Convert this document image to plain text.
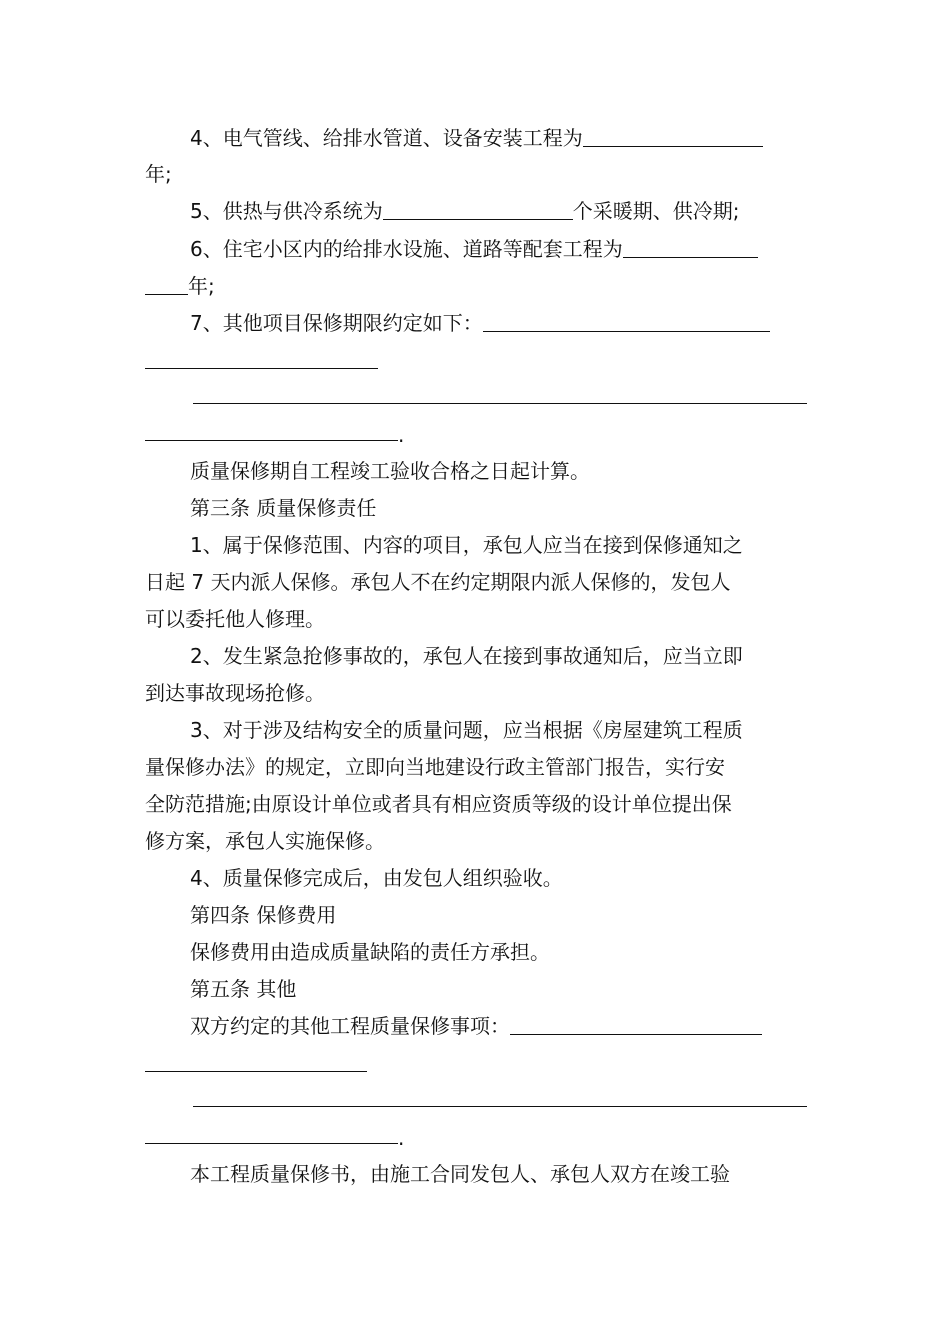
4、电气管线、给排水管道、设备安装工程为
年;
5、供热与供冷系统为	个采暖期、供冷期;
6、住宅小区内的给排水设施、道路等配套工程为
年;
7、其他项目保修期限约定如下：
.
质量保修期自工程竣工验收合格之日起计算。
第三条 质量保修责任
1、属于保修范围、内容的项目，承包人应当在接到保修通知之
日起 7 天内派人保修。承包人不在约定期限内派人保修的，发包人
可以委托他人修理。
2、发生紧急抢修事故的，承包人在接到事故通知后，应当立即
到达事故现场抢修。
3、对于涉及结构安全的质量问题，应当根据《房屋建筑工程质
量保修办法》的规定，立即向当地建设行政主管部门报告，实行安
全防范措施;由原设计单位或者具有相应资质等级的设计单位提出保
修方案，承包人实施保修。
4、质量保修完成后，由发包人组织验收。
第四条 保修费用
保修费用由造成质量缺陷的责任方承担。
第五条 其他
双方约定的其他工程质量保修事项：
.
本工程质量保修书，由施工合同发包人、承包人双方在竣工验
